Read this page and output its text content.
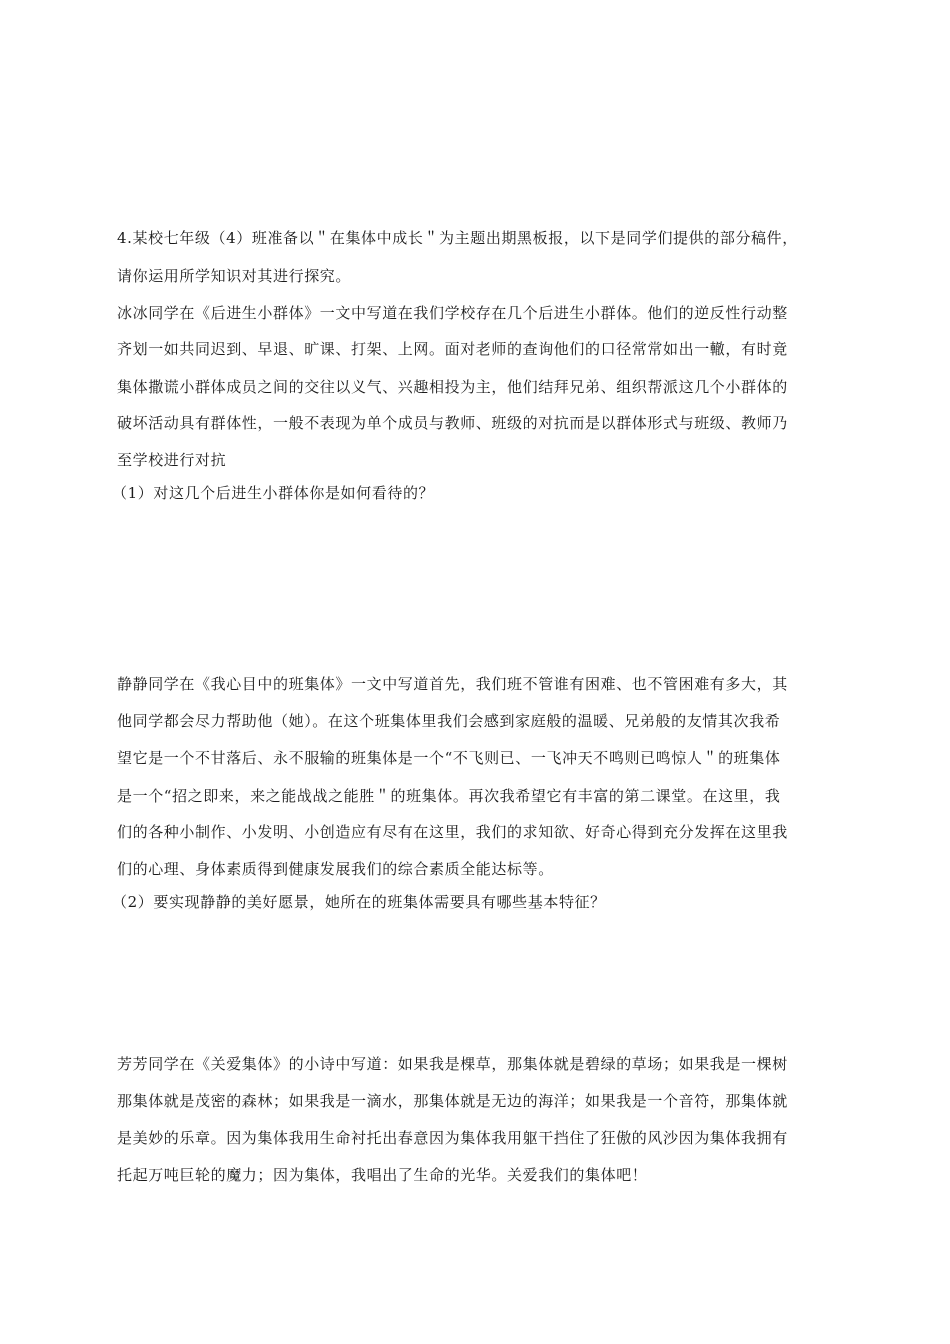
4.某校七年级（4）班准备以＂在集体中成长＂为主题出期黑板报，以下是同学们提供的部分稿件，
请你运用所学知识对其进行探究。
冰冰同学在《后进生小群体》一文中写道在我们学校存在几个后进生小群体。他们的逆反性行动整
齐划一如共同迟到、早退、旷课、打架、上网。面对老师的查询他们的口径常常如出一轍，有时竟
集体撒谎小群体成员之间的交往以义气、兴趣相投为主，他们结拜兄弟、组织帮派这几个小群体的
破坏活动具有群体性，一般不表现为单个成员与教师、班级的对抗而是以群体形式与班级、教师乃
至学校进行对抗
（1）对这几个后进生小群体你是如何看待的？
静静同学在《我心目中的班集体》一文中写道首先，我们班不管谁有困难、也不管困难有多大，其
他同学都会尽力帮助他（她）。在这个班集体里我们会感到家庭般的温暖、兄弟般的友情其次我希
望它是一个不甘落后、永不服输的班集体是一个“不飞则已、一飞冲天不鸣则已鸣惊人＂的班集体
是一个“招之即来，来之能战战之能胜＂的班集体。再次我希望它有丰富的第二课堂。在这里，我
们的各种小制作、小发明、小创造应有尽有在这里，我们的求知欲、好奇心得到充分发挥在这里我
们的心理、身体素质得到健康发展我们的综合素质全能达标等。
（2）要实现静静的美好愿景，她所在的班集体需要具有哪些基本特征？
芳芳同学在《关爱集体》的小诗中写道：如果我是棵草，那集体就是碧绿的草场；如果我是一棵树
那集体就是茂密的森林；如果我是一滴水，那集体就是无边的海洋；如果我是一个音符，那集体就
是美妙的乐章。因为集体我用生命衬托出春意因为集体我用躯干挡住了狂傲的风沙因为集体我拥有
托起万吨巨轮的魔力；因为集体，我唱出了生命的光华。关爱我们的集体吧！
